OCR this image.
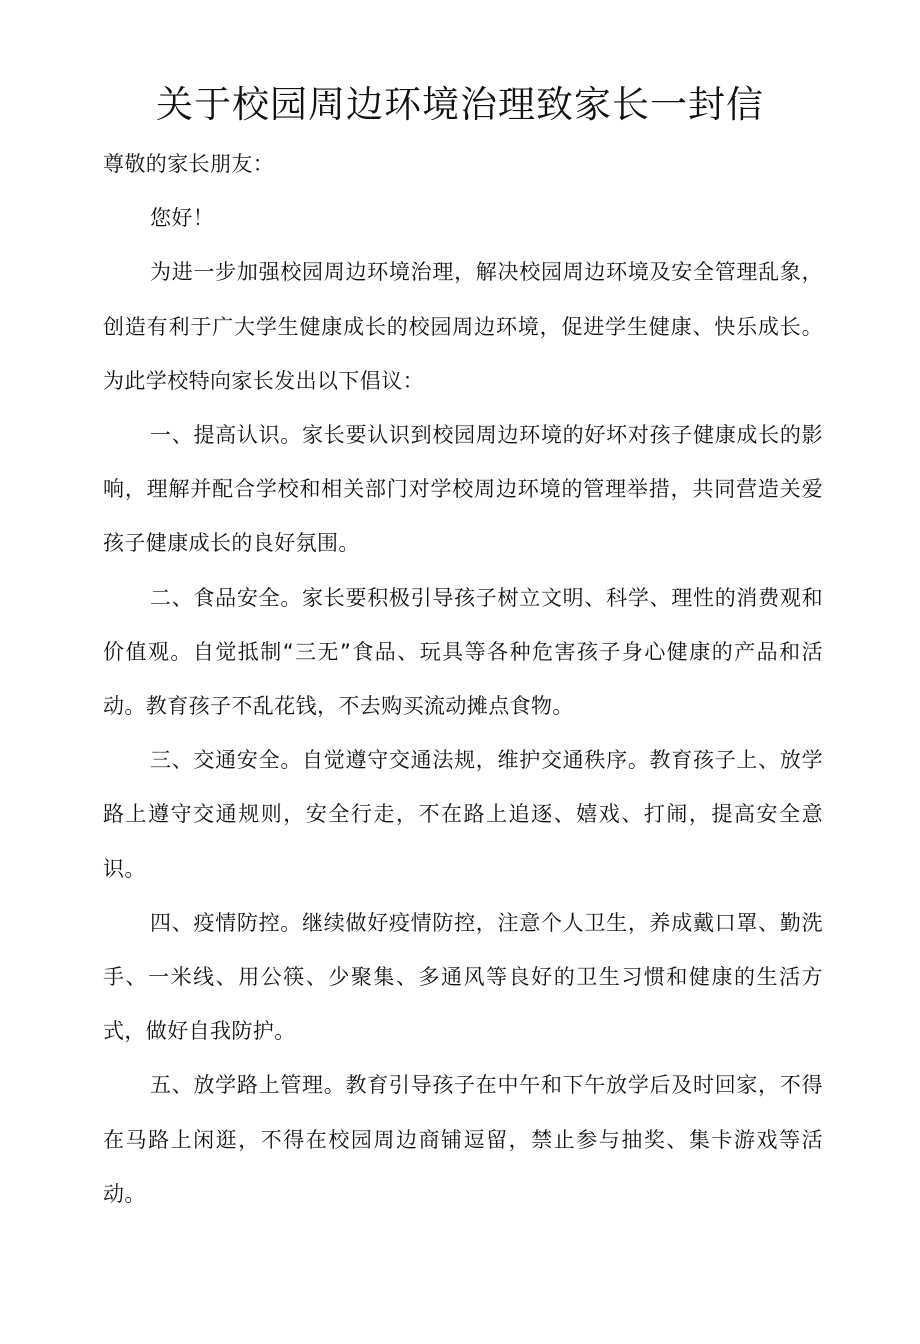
关于校园周边环境治理致家长一封信

尊敬的家长朋友：

您好！

为进一步加强校园周边环境治理，解决校园周边环境及安全管理乱象，创造有利于广大学生健康成长的校园周边环境，促进学生健康、快乐成长。为此学校特向家长发出以下倡议：

一、提高认识。家长要认识到校园周边环境的好坏对孩子健康成长的影响，理解并配合学校和相关部门对学校周边环境的管理举措，共同营造关爱孩子健康成长的良好氛围。

二、食品安全。家长要积极引导孩子树立文明、科学、理性的消费观和价值观。自觉抵制“三无”食品、玩具等各种危害孩子身心健康的产品和活动。教育孩子不乱花钱，不去购买流动摊点食物。

三、交通安全。自觉遵守交通法规，维护交通秩序。教育孩子上、放学路上遵守交通规则，安全行走，不在路上追逐、嬉戏、打闹，提高安全意识。

四、疫情防控。继续做好疫情防控，注意个人卫生，养成戴口罩、勤洗手、一米线、用公筷、少聚集、多通风等良好的卫生习惯和健康的生活方式，做好自我防护。

五、放学路上管理。教育引导孩子在中午和下午放学后及时回家，不得在马路上闲逛，不得在校园周边商铺逗留，禁止参与抽奖、集卡游戏等活动。
